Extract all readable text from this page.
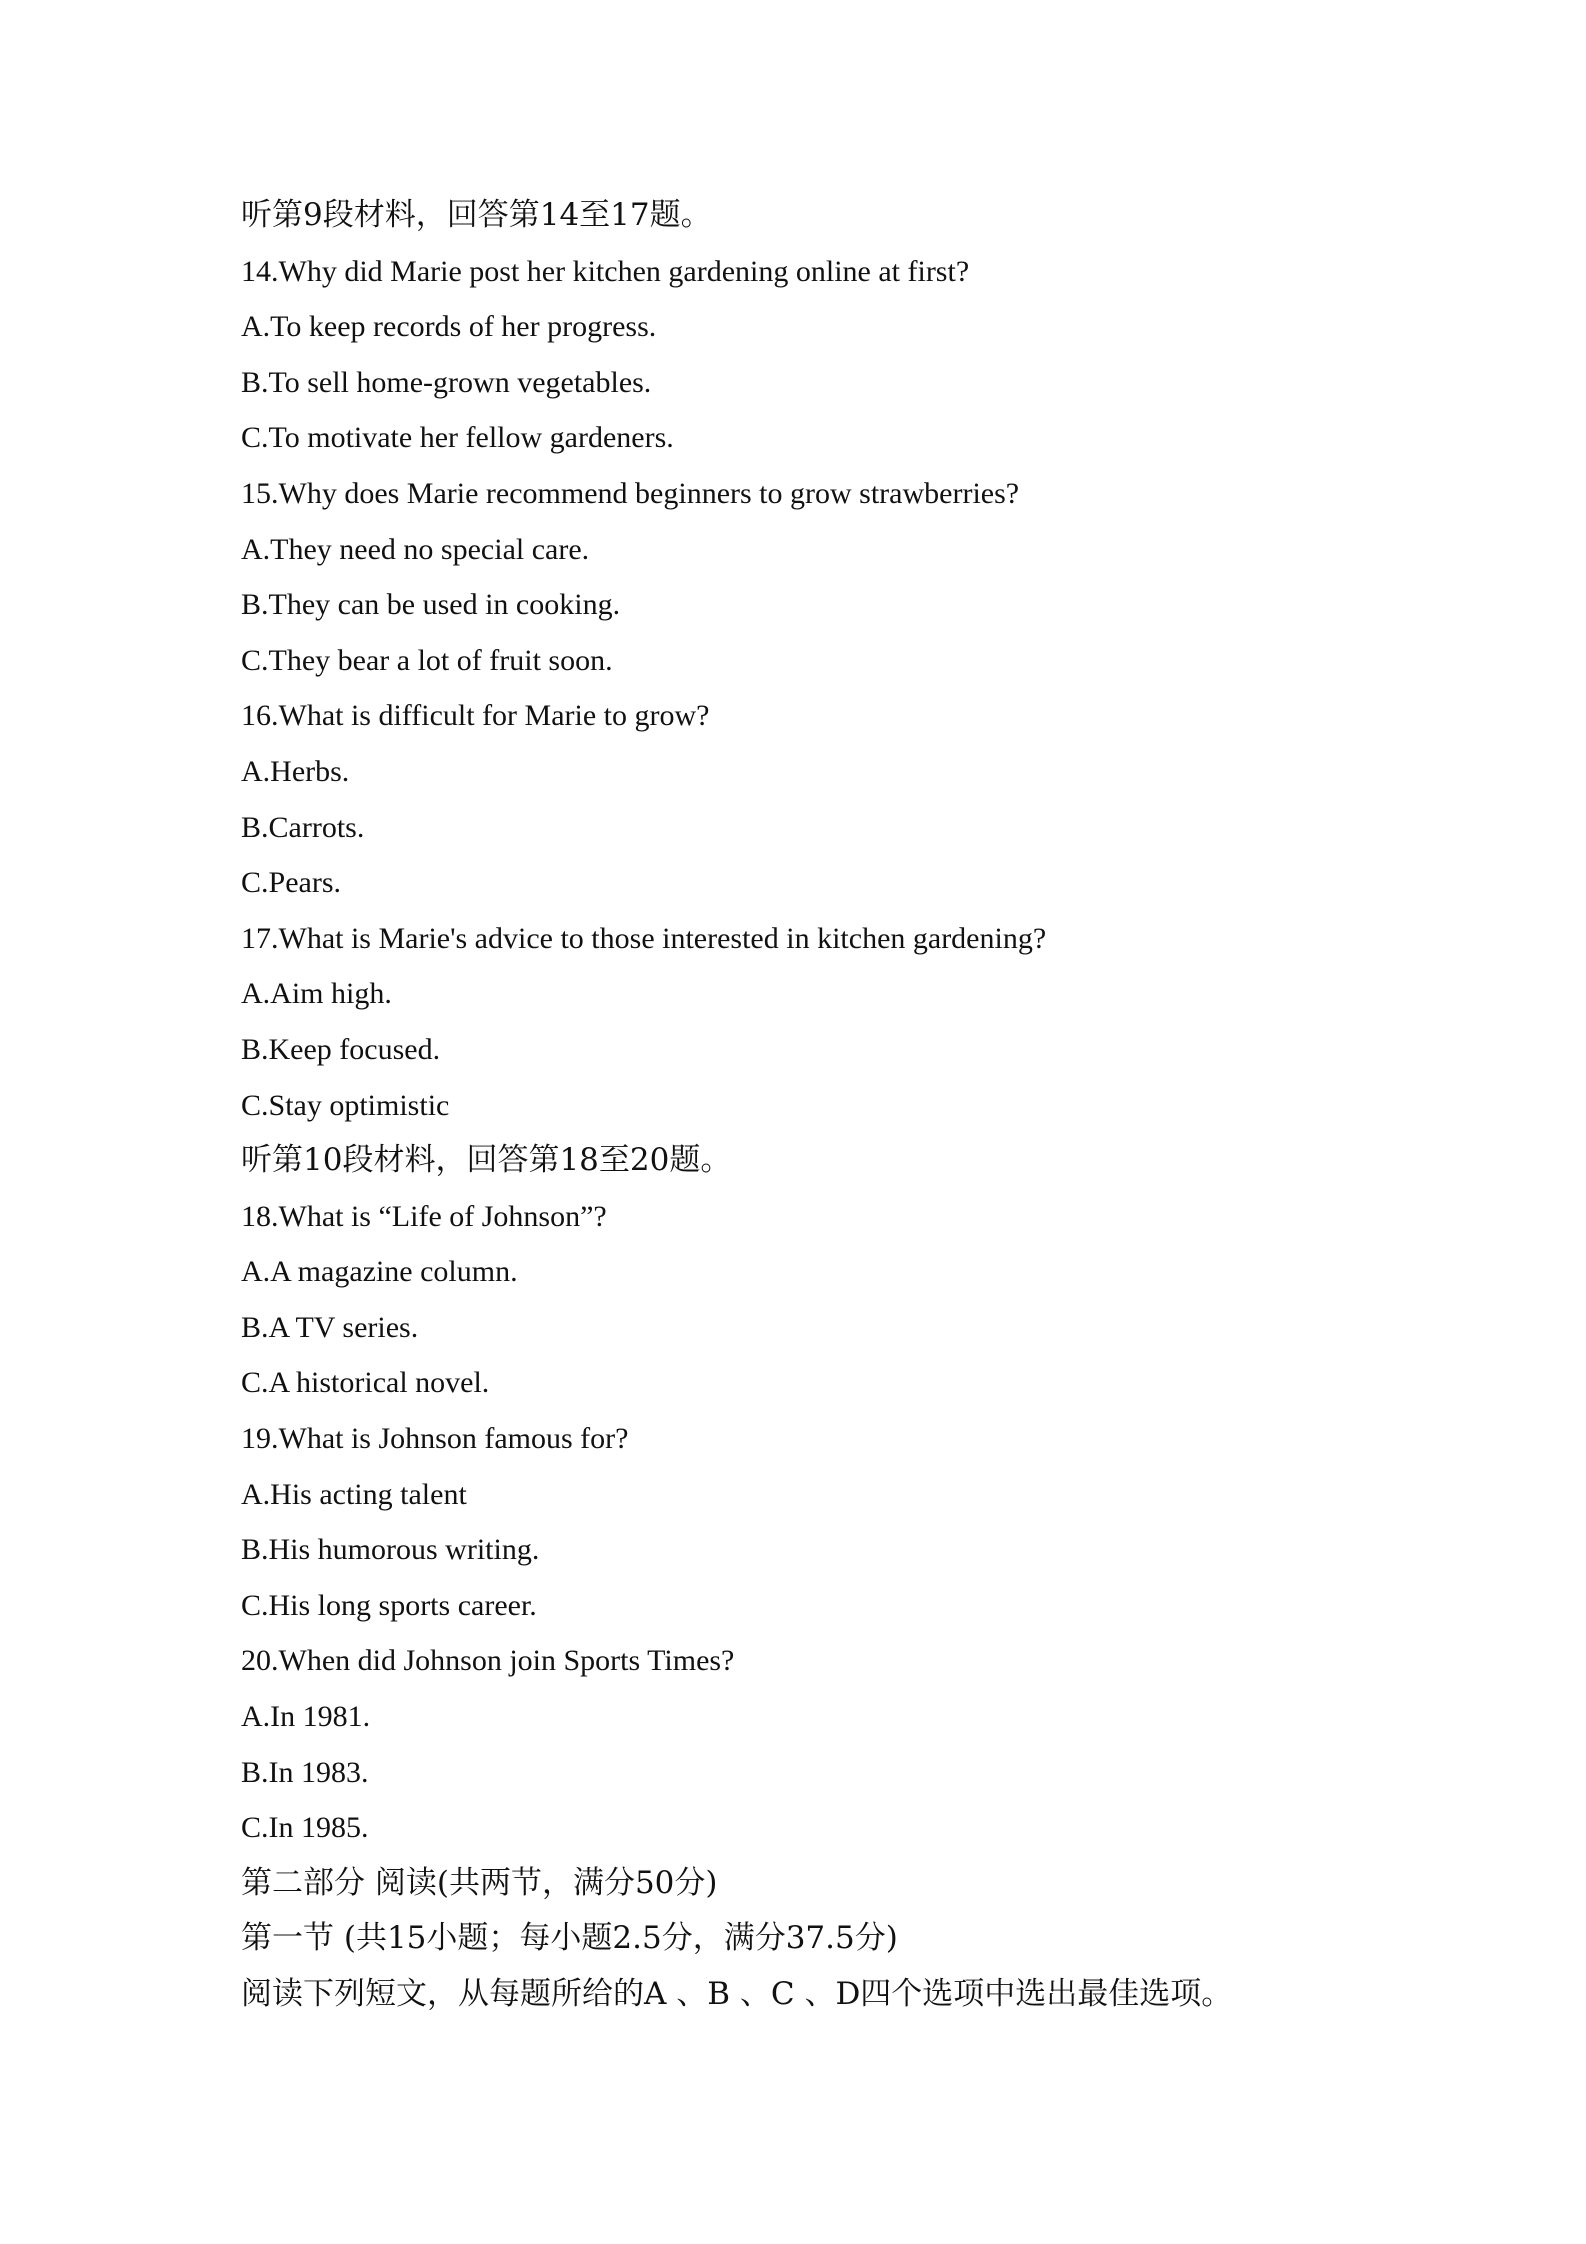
听第9段材料，回答第14至17题。
14.Why did Marie post her kitchen gardening online at first?
A.To keep records of her progress.
B.To sell home-grown vegetables.
C.To motivate her fellow gardeners.
15.Why does Marie recommend beginners to grow strawberries?
A.They need no special care.
B.They can be used in cooking.
C.They bear a lot of fruit soon.
16.What is difficult for Marie to grow?
A.Herbs.
B.Carrots.
C.Pears.
17.What is Marie's advice to those interested in kitchen gardening?
A.Aim high.
B.Keep focused.
C.Stay optimistic
听第10段材料，回答第18至20题。
18.What is “Life of Johnson”?
A.A magazine column.
B.A TV series.
C.A historical novel.
19.What is Johnson famous for?
A.His acting talent
B.His humorous writing.
C.His long sports career.
20.When did Johnson join Sports Times?
A.In 1981.
B.In 1983.
C.In 1985.
第二部分 阅读(共两节，满分50分)
第一节 (共15小题；每小题2.5分，满分37.5分)
阅读下列短文，从每题所给的A 、B 、C 、D四个选项中选出最佳选项。
